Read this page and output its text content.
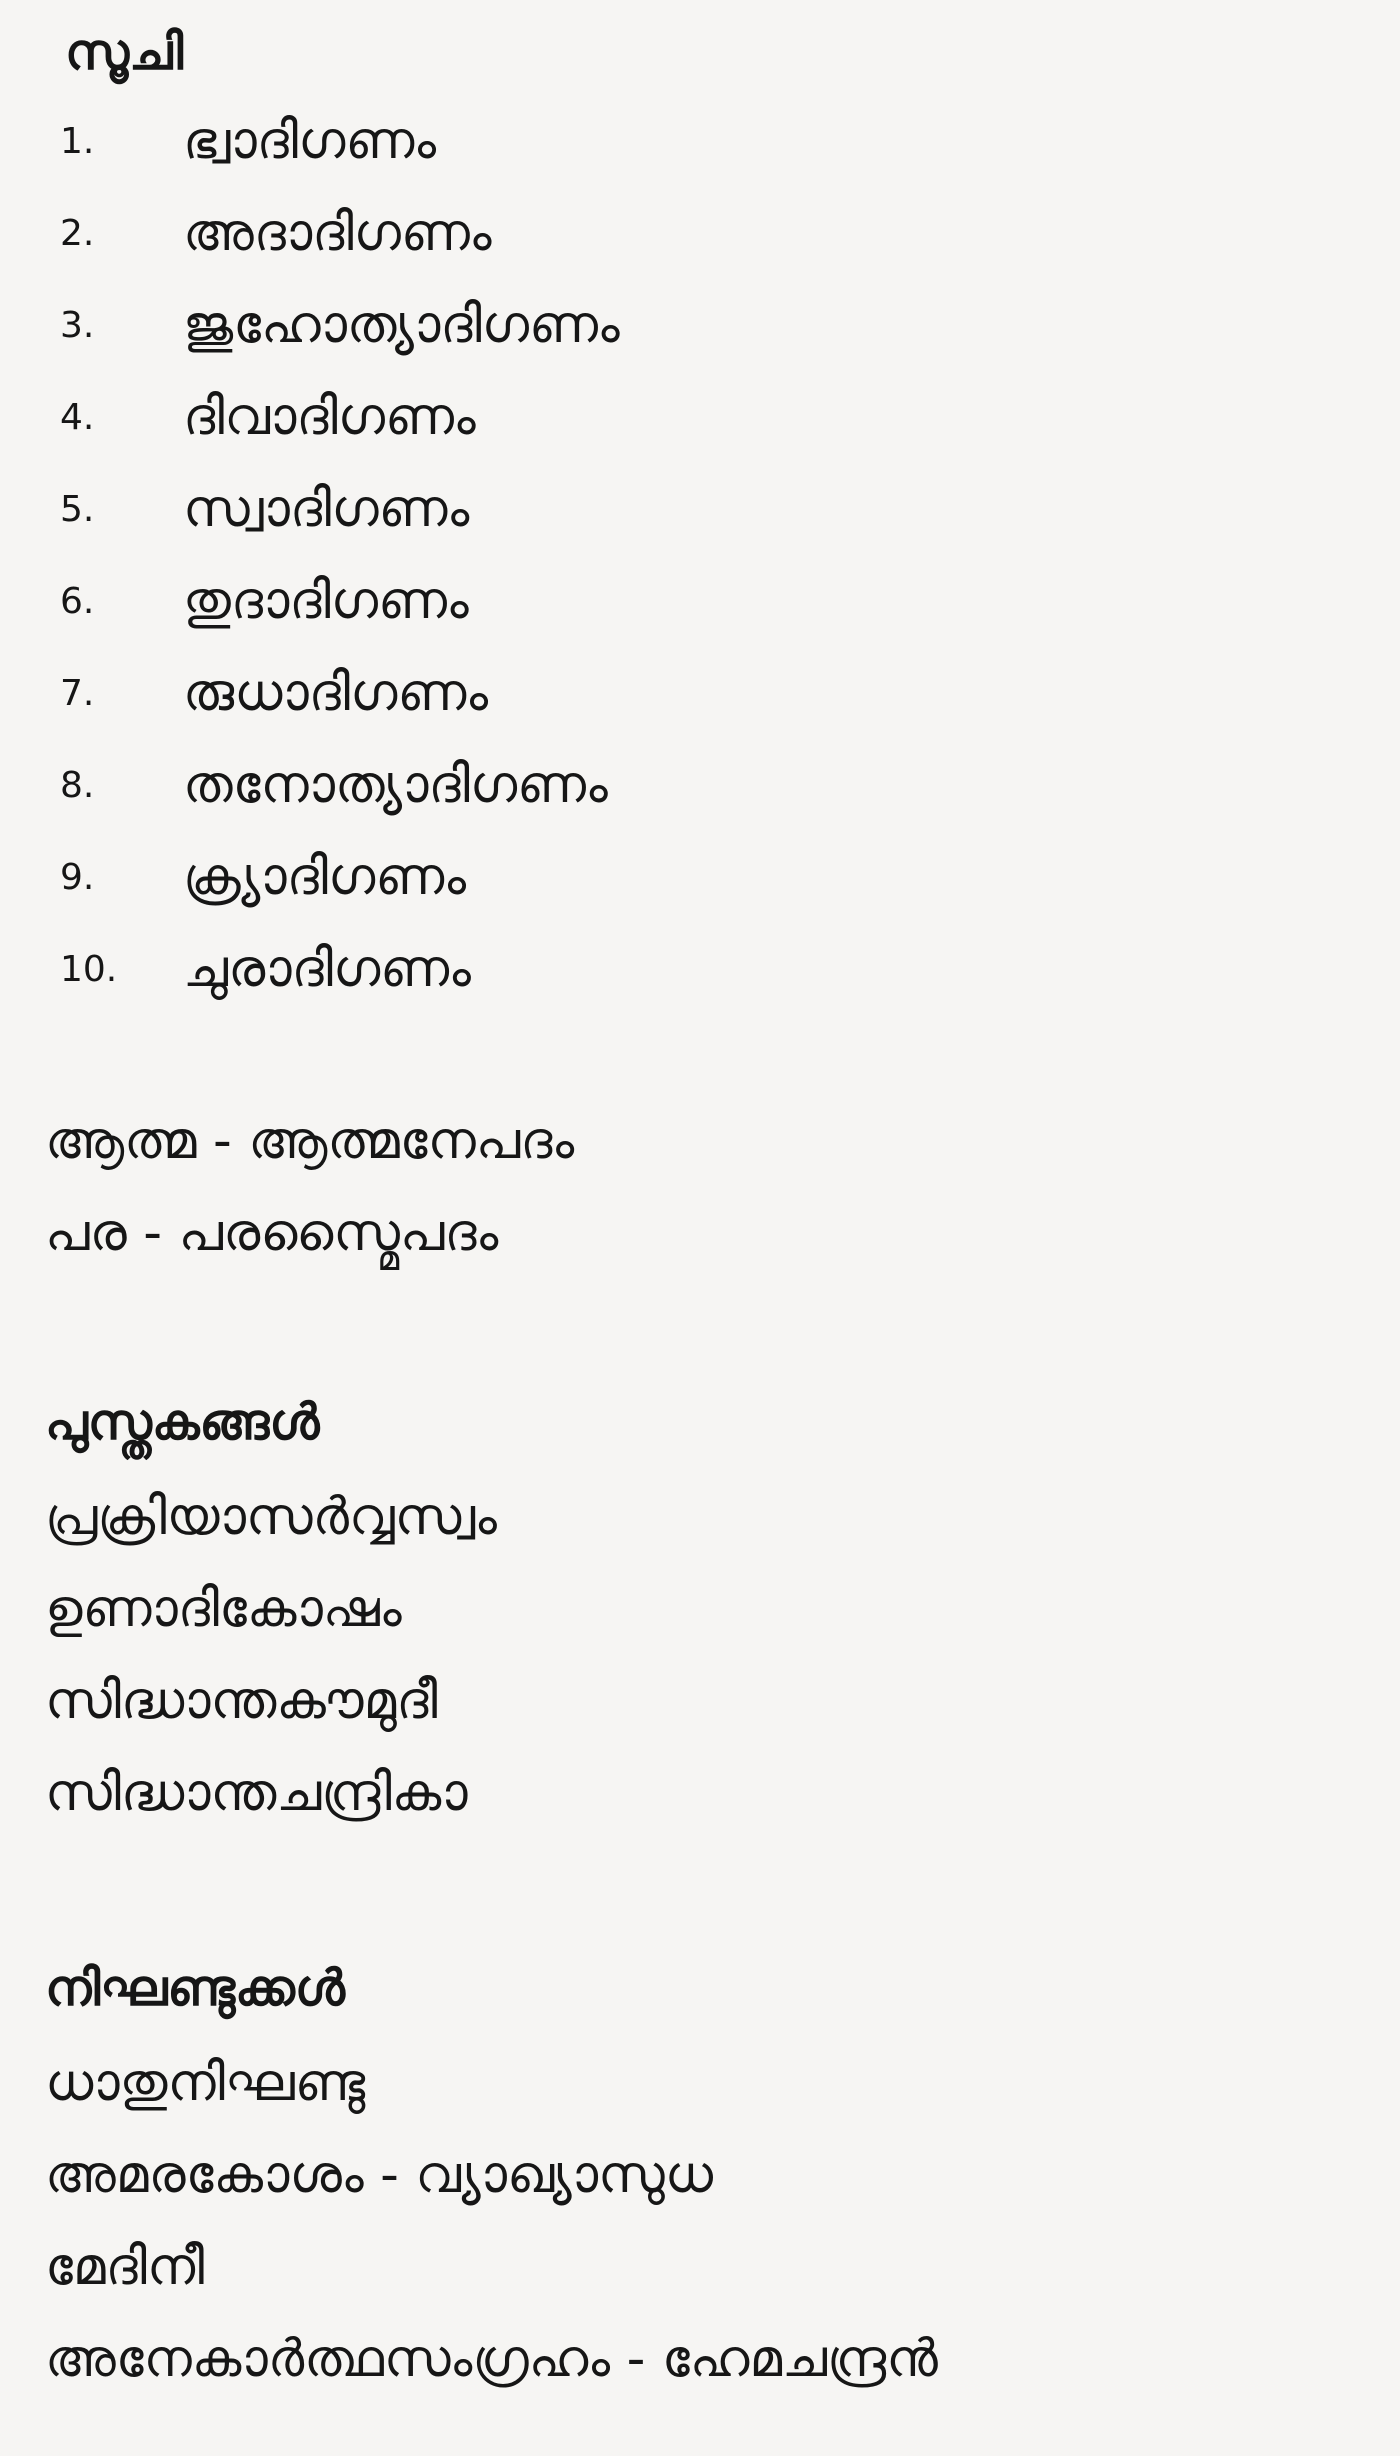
സൂചി
1. ഭ്വാദിഗണം
2. അദാദിഗണം
3. ജുഹോത്യാദിഗണം
4. ദിവാദിഗണം
5. സ്വാദിഗണം
6. തുദാദിഗണം
7. രുധാദിഗണം
8. തനോത്യാദിഗണം
9. ക്ര്യാദിഗണം
10. ചുരാദിഗണം
ആത്മ - ആത്മനേപദം
പര - പരസ്മൈപദം
പുസ്തകങ്ങൾ
പ്രക്രിയാസർവ്വസ്വം
ഉണാദികോഷം
സിദ്ധാന്തകൗമുദീ
സിദ്ധാന്തചന്ദ്രികാ
നിഘണ്ടുക്കൾ
ധാതുനിഘണ്ടു
അമരകോശം - വ്യാഖ്യാസുധ
മേദിനീ
അനേകാർത്ഥസംഗ്രഹം - ഹേമചന്ദ്രൻ
